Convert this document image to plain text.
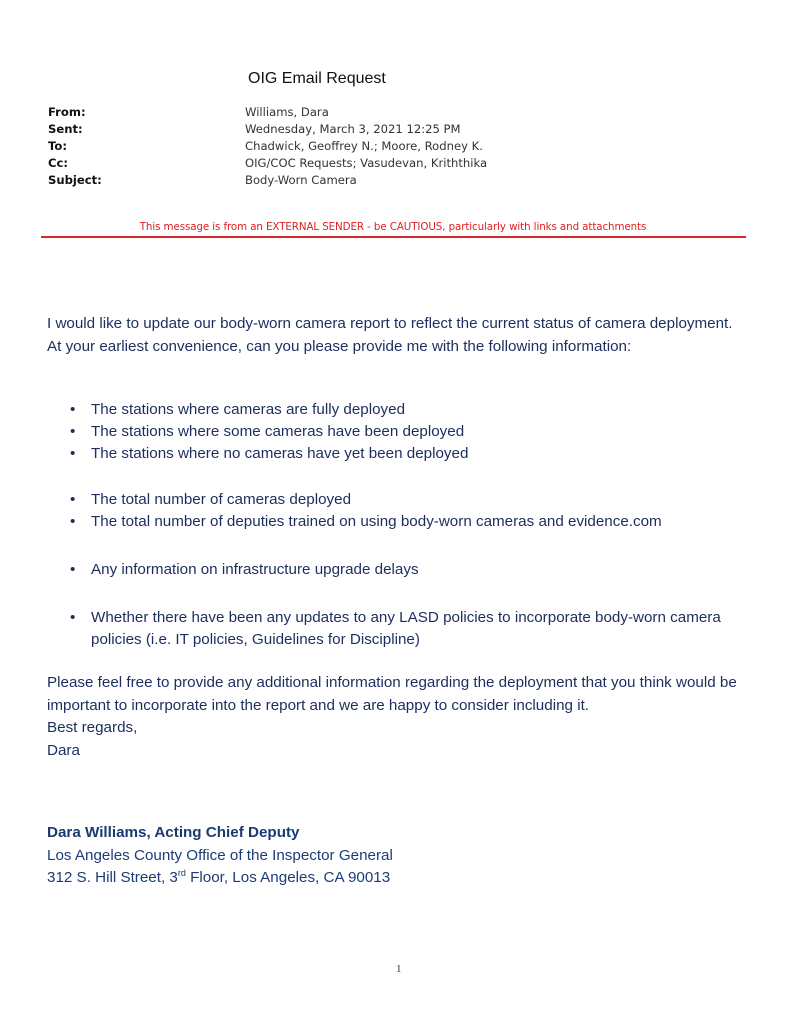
OIG Email Request
From:	Williams, Dara
Sent:	Wednesday, March 3, 2021 12:25 PM
To:	Chadwick, Geoffrey N.; Moore, Rodney K.
Cc:	OIG/COC Requests; Vasudevan, Kriththika
Subject:	Body-Worn Camera
This message is from an EXTERNAL SENDER - be CAUTIOUS, particularly with links and attachments
I would like to update our body-worn camera report to reflect the current status of camera deployment. At your earliest convenience, can you please provide me with the following information:
• The stations where cameras are fully deployed
• The stations where some cameras have been deployed
• The stations where no cameras have yet been deployed
• The total number of cameras deployed
• The total number of deputies trained on using body-worn cameras and evidence.com
• Any information on infrastructure upgrade delays
• Whether there have been any updates to any LASD policies to incorporate body-worn camera policies (i.e. IT policies, Guidelines for Discipline)
Please feel free to provide any additional information regarding the deployment that you think would be important to incorporate into the report and we are happy to consider including it.
Best regards,
Dara
Dara Williams, Acting Chief Deputy
Los Angeles County Office of the Inspector General
312 S. Hill Street, 3rd Floor, Los Angeles, CA 90013
1
